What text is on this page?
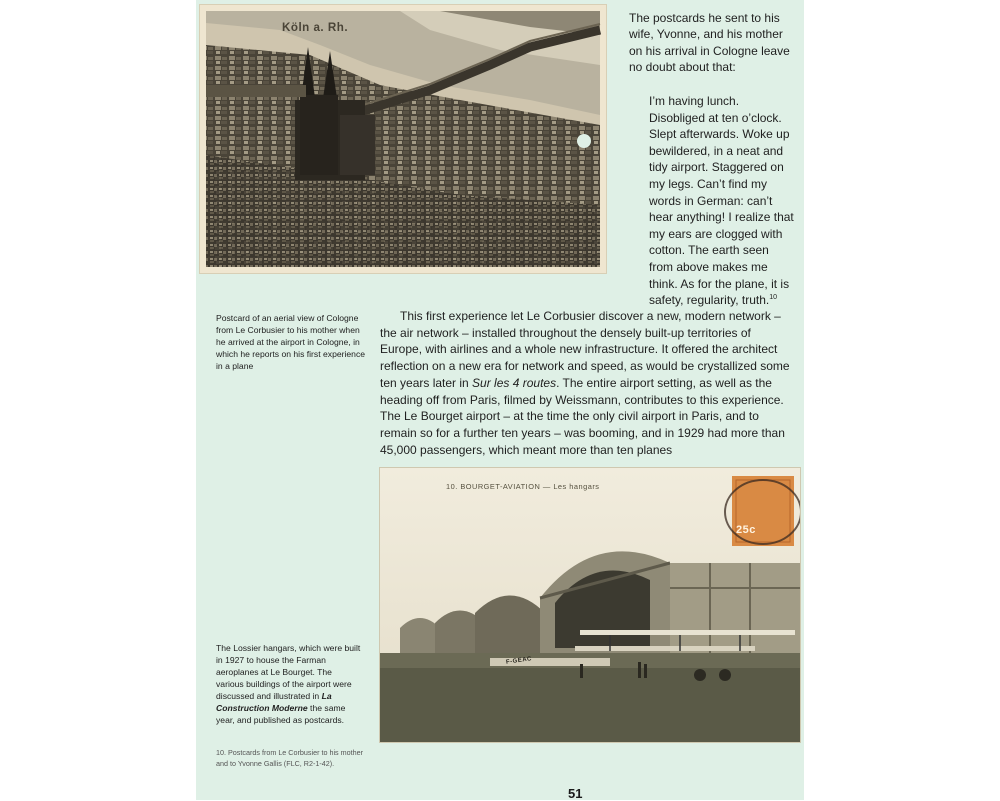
Köln a. Rh.
The postcards he sent to his wife, Yvonne, and his mother on his arrival in Cologne leave no doubt about that:
I’m having lunch. Disobliged at ten o’clock. Slept afterwards. Woke up bewildered, in a neat and tidy airport. Staggered on my legs. Can’t find my words in German: can’t hear anything! I realize that my ears are clogged with cotton. The earth seen from above makes me think. As for the plane, it is safety, regularity, truth.$^{10}$
Postcard of an aerial view of Cologne from Le Corbusier to his mother when he arrived at the airport in Cologne, in which he reports on his first experience in a plane
This first experience let Le Corbusier discover a new, modern network – the air network – installed throughout the densely built-up territories of Europe, with airlines and a whole new infrastructure. It offered the architect reflection on a new era for network and speed, as would be crystallized some ten years later in Sur les 4 routes. The entire airport setting, as well as the heading off from Paris, filmed by Weissmann, contributes to this experience. The Le Bourget airport – at the time the only civil airport in Paris, and to remain so for a further ten years – was booming, and in 1929 had more than 45,000 passengers, which meant more than ten planes
10. BOURGET-AVIATION — Les hangars
25c
F-GEAC
The Lossier hangars, which were built in 1927 to house the Farman aeroplanes at Le Bourget. The various buildings of the airport were discussed and illustrated in La Construction Moderne the same year, and published as postcards.
10. Postcards from Le Corbusier to his mother and to Yvonne Gallis (FLC, R2-1-42).
51
